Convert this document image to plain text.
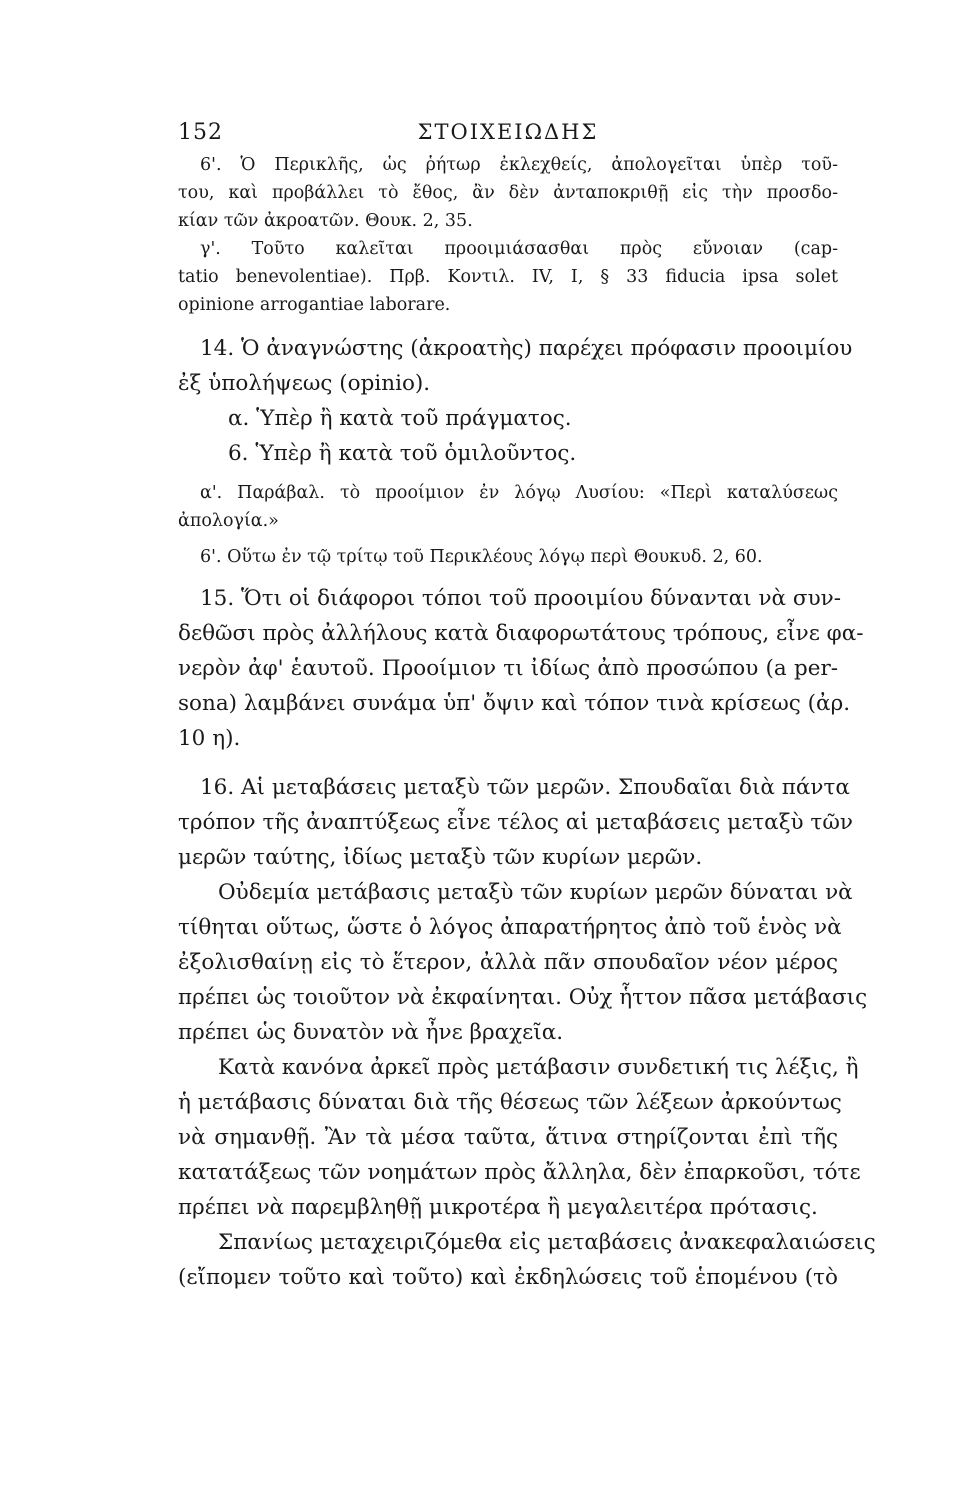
152	ΣΤΟΙΧΕΙΩΔΗΣ
6'. Ὁ Περικλῆς, ὡς ῥήτωρ ἐκλεχθείς, ἀπολογεῖται ὑπὲρ τοῦ-
του, καὶ προβάλλει τὸ ἔθος, ἂν δὲν ἀνταποκριθῇ εἰς τὴν προσδο-
κίαν τῶν ἀκροατῶν. Θουκ. 2, 35.
γ'. Τοῦτο καλεῖται προοιμιάσασθαι πρὸς εὔνοιαν (cap-
tatio benevolentiae). Πρβ. Κοντιλ. IV, I, § 33 fiducia ipsa solet
opinione arrogantiae laborare.
14. Ὁ ἀναγνώστης (ἀκροατὴς) παρέχει πρόφασιν προοιμίου
ἐξ ὑπολήψεως (opinio).
α. Ὑπὲρ ἢ κατὰ τοῦ πράγματος.
6. Ὑπὲρ ἢ κατὰ τοῦ ὁμιλοῦντος.
α'. Παράβαλ. τὸ προοίμιον ἐν λόγῳ Λυσίου: «Περὶ καταλύσεως
ἀπολογία.»
6'. Οὕτω ἐν τῷ τρίτῳ τοῦ Περικλέους λόγῳ περὶ Θουκυδ. 2, 60.
15. Ὅτι οἱ διάφοροι τόποι τοῦ προοιμίου δύνανται νὰ συν-
δεθῶσι πρὸς ἀλλήλους κατὰ διαφορωτάτους τρόπους, εἶνε φα-
νερὸν ἀφ' ἑαυτοῦ. Προοίμιον τι ἰδίως ἀπὸ προσώπου (a per-
sona) λαμβάνει συνάμα ὑπ' ὄψιν καὶ τόπον τινὰ κρίσεως (ἀρ.
10 η).
16. Αἱ μεταβάσεις μεταξὺ τῶν μερῶν. Σπουδαῖαι διὰ πάντα
τρόπον τῆς ἀναπτύξεως εἶνε τέλος αἱ μεταβάσεις μεταξὺ τῶν
μερῶν ταύτης, ἰδίως μεταξὺ τῶν κυρίων μερῶν.
Οὐδεμία μετάβασις μεταξὺ τῶν κυρίων μερῶν δύναται νὰ
τίθηται οὕτως, ὥστε ὁ λόγος ἀπαρατήρητος ἀπὸ τοῦ ἑνὸς νὰ
ἐξολισθαίνῃ εἰς τὸ ἕτερον, ἀλλὰ πᾶν σπουδαῖον νέον μέρος
πρέπει ὡς τοιοῦτον νὰ ἐκφαίνηται. Οὐχ ἧττον πᾶσα μετάβασις
πρέπει ὡς δυνατὸν νὰ ἦνε βραχεῖα.
Κατὰ κανόνα ἀρκεῖ πρὸς μετάβασιν συνδετική τις λέξις, ἢ
ἡ μετάβασις δύναται διὰ τῆς θέσεως τῶν λέξεων ἀρκούντως
νὰ σημανθῇ. Ἂν τὰ μέσα ταῦτα, ἅτινα στηρίζονται ἐπὶ τῆς
κατατάξεως τῶν νοημάτων πρὸς ἄλληλα, δὲν ἐπαρκοῦσι, τότε
πρέπει νὰ παρεμβληθῇ μικροτέρα ἢ μεγαλειτέρα πρότασις.
Σπανίως μεταχειριζόμεθα εἰς μεταβάσεις ἀνακεφαλαιώσεις
(εἴπομεν τοῦτο καὶ τοῦτο) καὶ ἐκδηλώσεις τοῦ ἑπομένου (τὸ
